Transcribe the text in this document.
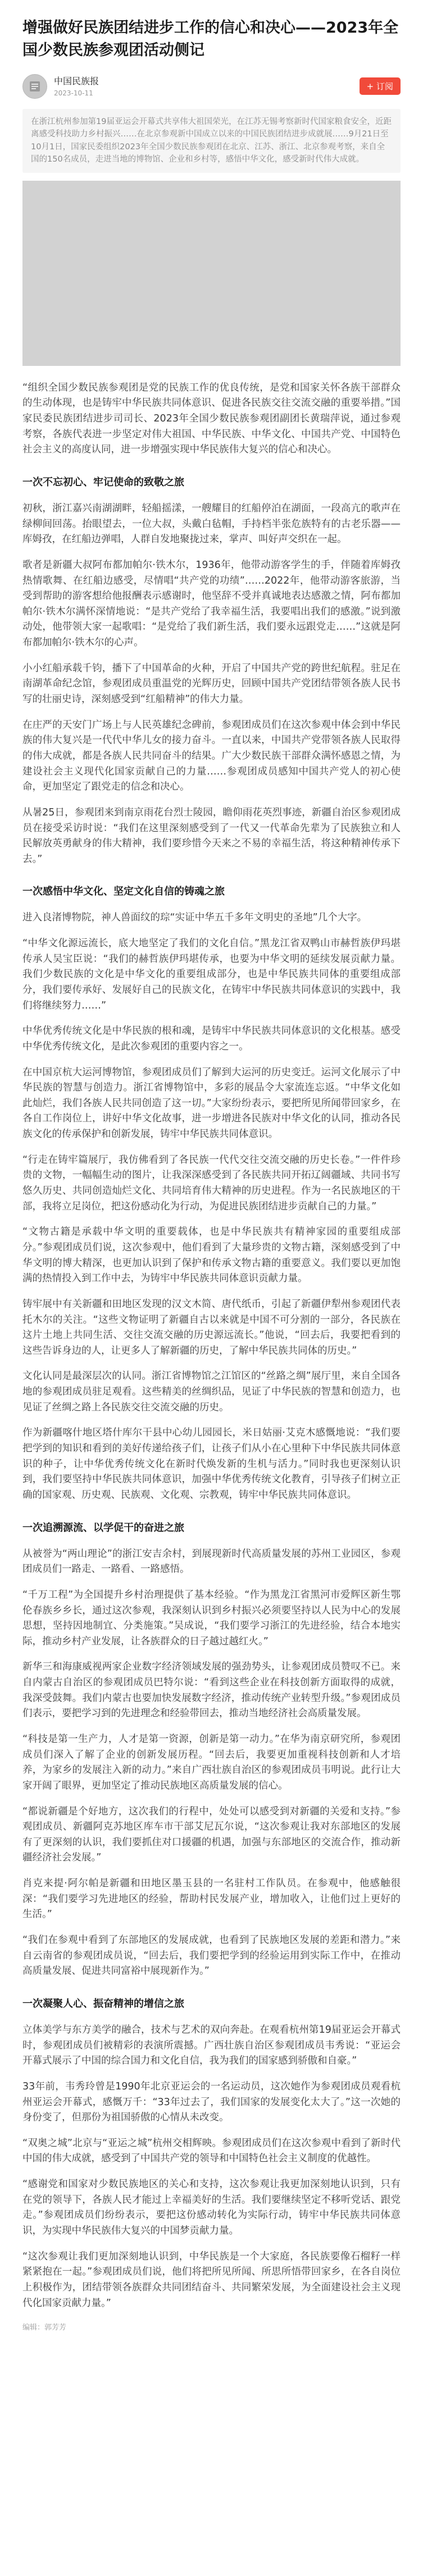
增强做好民族团结进步工作的信心和决心——2023年全国少数民族参观团活动侧记
中国民族报
2023-10-11
+ 订阅
在浙江杭州参加第19届亚运会开幕式共享伟大祖国荣光，在江苏无锡考察新时代国家粮食安全，近距离感受科技助力乡村振兴……在北京参观新中国成立以来的中国民族团结进步成就展……9月21日至10月1日，国家民委组织2023年全国少数民族参观团在北京、江苏、浙江、北京参观考察，来自全国的150名成员，走进当地的博物馆、企业和乡村等，感悟中华文化，感受新时代伟大成就。

“组织全国少数民族参观团是党的民族工作的优良传统，是党和国家关怀各族干部群众的生动体现，也是铸牢中华民族共同体意识、促进各民族交往交流交融的重要举措。”国家民委民族团结进步司司长、2023年全国少数民族参观团副团长黄瑞萍说，通过参观考察，各族代表进一步坚定对伟大祖国、中华民族、中华文化、中国共产党、中国特色社会主义的高度认同，进一步增强实现中华民族伟大复兴的信心和决心。

一次不忘初心、牢记使命的致敬之旅

初秋，浙江嘉兴南湖湖畔，轻船摇漾，一艘耀目的红船停泊在湖面，一段高亢的歌声在绿柳间回荡。抬眼望去，一位大叔，头戴白毡帽，手持档半张危族特有的古老乐器——库姆孜，在红船边弹唱，人群自发地聚拢过来，掌声、叫好声交织在一起。

歌者是新疆大叔阿布都加帕尔·铁木尔，1936年，他带动游客学生的手，伴随着库姆孜热情歌舞、在红船边感受，尽情唱“共产党的功绩”……2022年，他带动游客旅游，当受到帮助的游客想给他报酬表示感谢时，他坚辞不受并真诚地表达感激之情，阿布都加帕尔·铁木尔满怀深情地说：“是共产党给了我幸福生活，我要唱出我们的感激。”说到激动处，他带领大家一起歌唱：“是党给了我们新生活，我们要永远跟党走……”这就是阿布都加帕尔·铁木尔的心声。

小小红船承载千钧，播下了中国革命的火种，开启了中国共产党的跨世纪航程。驻足在南湖革命纪念馆，参观团成员重温党的光辉历史，回顾中国共产党团结带领各族人民书写的壮丽史诗，深刻感受到“红船精神”的伟大力量。

在庄严的天安门广场上与人民英雄纪念碑前，参观团成员们在这次参观中体会到中华民族的伟大复兴是一代代中华儿女的接力奋斗。一直以来，中国共产党带领各族人民取得的伟大成就，都是各族人民共同奋斗的结果。广大少数民族干部群众满怀感恩之情，为建设社会主义现代化国家贡献自己的力量……参观团成员感知中国共产党人的初心使命，更加坚定了跟党走的信念和决心。

从暑25日，参观团来到南京雨花台烈士陵园，瞻仰雨花英烈事迹，新疆自治区参观团成员在接受采访时说：“我们在这里深刻感受到了一代又一代革命先辈为了民族独立和人民解放英勇献身的伟大精神，我们要珍惜今天来之不易的幸福生活，将这种精神传承下去。”

一次感悟中华文化、坚定文化自信的铸魂之旅

进入良渚博物院，神人兽面纹的琮“实证中华五千多年文明史的圣地”几个大字。

“中华文化源远流长，底大地坚定了我们的文化自信。”黑龙江省双鸭山市赫哲族伊玛堪传承人吴宝臣说：“我们的赫哲族伊玛堪传承，也要为中华文明的延续发展贡献力量。我们少数民族的文化是中华文化的重要组成部分，也是中华民族共同体的重要组成部分，我们要传承好、发展好自己的民族文化，在铸牢中华民族共同体意识的实践中，我们将继续努力……”

中华优秀传统文化是中华民族的根和魂，是铸牢中华民族共同体意识的文化根基。感受中华优秀传统文化，是此次参观团的重要内容之一。

在中国京杭大运河博物馆，参观团成员们了解到大运河的历史变迁。运河文化展示了中华民族的智慧与创造力。浙江省博物馆中，多彩的展品令大家流连忘返。“中华文化如此灿烂，我们各族人民共同创造了这一切。”大家纷纷表示，要把所见所闻带回家乡，在各自工作岗位上，讲好中华文化故事，进一步增进各民族对中华文化的认同，推动各民族文化的传承保护和创新发展，铸牢中华民族共同体意识。

“行走在铸牢篇展厅，我仿佛看到了各民族一代代交往交流交融的历史长卷。”一件件珍贵的文物，一幅幅生动的图片，让我深深感受到了各民族共同开拓辽阔疆域、共同书写悠久历史、共同创造灿烂文化、共同培育伟大精神的历史进程。作为一名民族地区的干部，我将立足岗位，把这份感动化为行动，为促进民族团结进步贡献自己的力量。”

“文物古籍是承载中华文明的重要载体，也是中华民族共有精神家园的重要组成部分。”参观团成员们说，这次参观中，他们看到了大量珍贵的文物古籍，深刻感受到了中华文明的博大精深，也更加认识到了保护和传承文物古籍的重要意义。我们要以更加饱满的热情投入到工作中去，为铸牢中华民族共同体意识贡献力量。

铸牢展中有关新疆和田地区发现的汉文木简、唐代纸币，引起了新疆伊犁州参观团代表托木尔的关注。“这些文物证明了新疆自古以来就是中国不可分割的一部分，各民族在这片土地上共同生活、交往交流交融的历史源远流长。”他说，“回去后，我要把看到的这些告诉身边的人，让更多人了解新疆的历史，了解中华民族共同体的历史。”

文化认同是最深层次的认同。浙江省博物馆之江馆区的“丝路之绸”展厅里，来自全国各地的参观团成员驻足观看。这些精美的丝绸织品，见证了中华民族的智慧和创造力，也见证了丝绸之路上各民族交往交流交融的历史。

作为新疆喀什地区塔什库尔干县中心幼儿园园长，米日姑丽·艾克木感慨地说：“我们要把学到的知识和看到的美好传递给孩子们，让孩子们从小在心里种下中华民族共同体意识的种子，让中华优秀传统文化在新时代焕发新的生机与活力。”同时我也更深刻认识到，我们要坚持中华民族共同体意识，加强中华优秀传统文化教育，引导孩子们树立正确的国家观、历史观、民族观、文化观、宗教观，铸牢中华民族共同体意识。

一次追溯源流、以学促干的奋进之旅

从被誉为“两山理论”的浙江安吉余村，到展现新时代高质量发展的苏州工业园区，参观团成员们一路走、一路看、一路感悟。

“千万工程”为全国提升乡村治理提供了基本经验。“作为黑龙江省黑河市爱辉区新生鄂伦春族乡乡长，通过这次参观，我深刻认识到乡村振兴必须要坚持以人民为中心的发展思想，坚持因地制宜、分类施策。”吴成说，“我们要学习浙江的先进经验，结合本地实际，推动乡村产业发展，让各族群众的日子越过越红火。”

新华三和海康威视两家企业数字经济领域发展的强劲势头，让参观团成员赞叹不已。来自内蒙古自治区的参观团成员巴特尔说：“看到这些企业在科技创新方面取得的成就，我深受鼓舞。我们内蒙古也要加快发展数字经济，推动传统产业转型升级。”参观团成员们表示，要把学习到的先进理念和经验带回去，推动当地经济社会高质量发展。

“科技是第一生产力，人才是第一资源，创新是第一动力。”在华为南京研究所，参观团成员们深入了解了企业的创新发展历程。“回去后，我要更加重视科技创新和人才培养，为家乡的发展注入新的动力。”来自广西壮族自治区的参观团成员韦明说。此行让大家开阔了眼界，更加坚定了推动民族地区高质量发展的信心。

“都说新疆是个好地方，这次我们的行程中，处处可以感受到对新疆的关爱和支持。”参观团成员、新疆阿克苏地区库车市干部艾尼瓦尔说，“这次参观让我对东部地区的发展有了更深刻的认识，我们要抓住对口援疆的机遇，加强与东部地区的交流合作，推动新疆经济社会发展。”

肖克来提·阿尔帕是新疆和田地区墨玉县的一名驻村工作队员。在参观中，他感触很深：“我们要学习先进地区的经验，帮助村民发展产业，增加收入，让他们过上更好的生活。”

“我们在参观中看到了东部地区的发展成就，也看到了民族地区发展的差距和潜力。”来自云南省的参观团成员说，“回去后，我们要把学到的经验运用到实际工作中，在推动高质量发展、促进共同富裕中展现新作为。”

一次凝聚人心、振奋精神的增信之旅

立体美学与东方美学的融合，技术与艺术的双向奔赴。在观看杭州第19届亚运会开幕式时，参观团成员们被精彩的表演所震撼。广西壮族自治区参观团成员韦秀说：“亚运会开幕式展示了中国的综合国力和文化自信，我为我们的国家感到骄傲和自豪。”

33年前，韦秀玲曾是1990年北京亚运会的一名运动员，这次她作为参观团成员观看杭州亚运会开幕式，感慨万千：“33年过去了，我们国家的发展变化太大了。”这一次她的身份变了，但那份为祖国骄傲的心情从未改变。

“双奥之城”北京与“亚运之城”杭州交相辉映。参观团成员们在这次参观中看到了新时代中国的伟大成就，感受到了中国共产党的领导和中国特色社会主义制度的优越性。

“感谢党和国家对少数民族地区的关心和支持，这次参观让我更加深刻地认识到，只有在党的领导下，各族人民才能过上幸福美好的生活。我们要继续坚定不移听党话、跟党走。”参观团成员们纷纷表示，要把这份感动转化为实际行动，铸牢中华民族共同体意识，为实现中华民族伟大复兴的中国梦贡献力量。

“这次参观让我们更加深刻地认识到，中华民族是一个大家庭，各民族要像石榴籽一样紧紧抱在一起。”参观团成员们说，他们将把所见所闻、所思所悟带回家乡，在各自岗位上积极作为，团结带领各族群众共同团结奋斗、共同繁荣发展，为全面建设社会主义现代化国家贡献力量。”

编辑：郭芳芳
